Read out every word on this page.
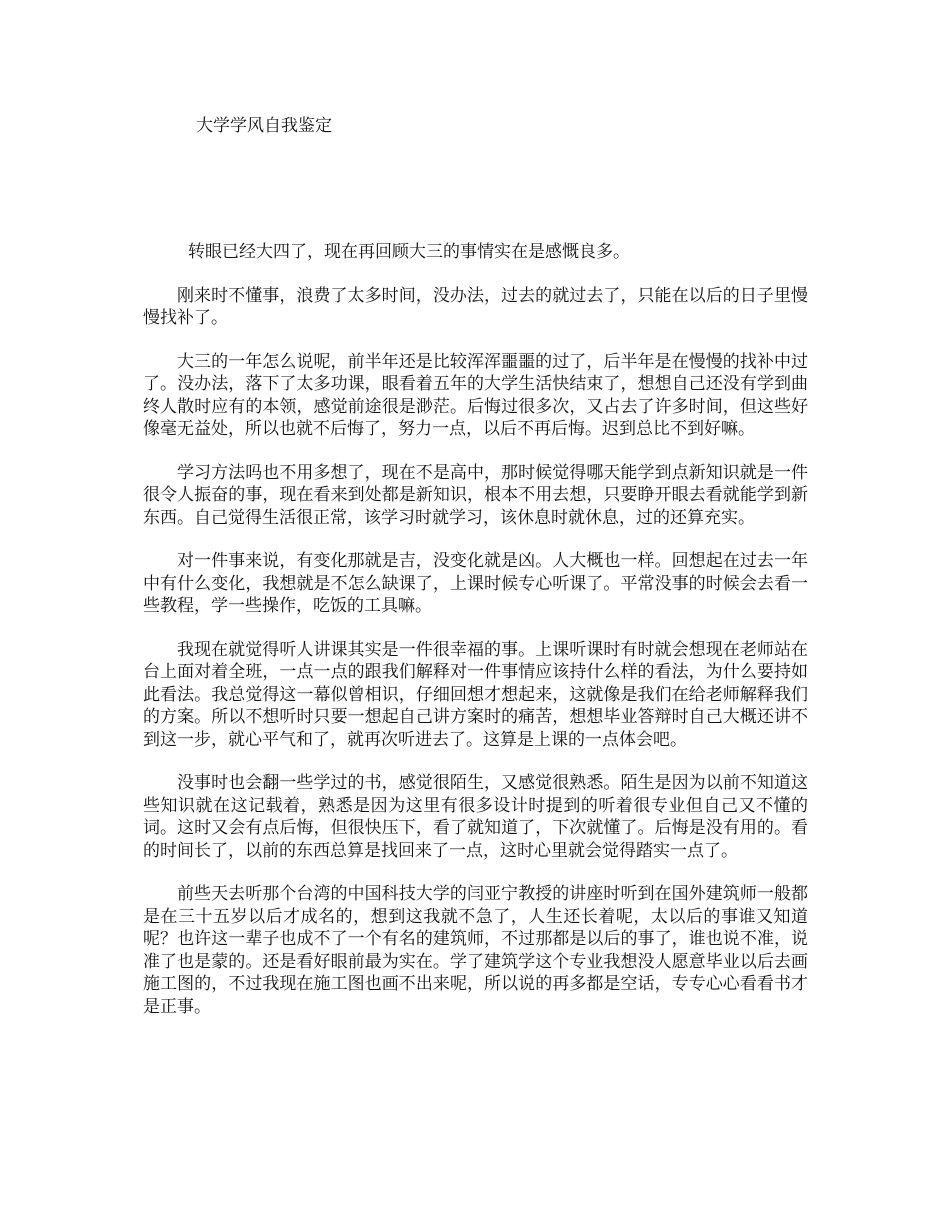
大学学风自我鉴定

转眼已经大四了，现在再回顾大三的事情实在是感慨良多。

刚来时不懂事，浪费了太多时间，没办法，过去的就过去了，只能在以后的日子里慢慢找补了。

大三的一年怎么说呢，前半年还是比较浑浑噩噩的过了，后半年是在慢慢的找补中过了。没办法，落下了太多功课，眼看着五年的大学生活快结束了，想想自己还没有学到曲终人散时应有的本领，感觉前途很是渺茫。后悔过很多次，又占去了许多时间，但这些好像毫无益处，所以也就不后悔了，努力一点，以后不再后悔。迟到总比不到好嘛。

学习方法吗也不用多想了，现在不是高中，那时候觉得哪天能学到点新知识就是一件很令人振奋的事，现在看来到处都是新知识，根本不用去想，只要睁开眼去看就能学到新东西。自己觉得生活很正常，该学习时就学习，该休息时就休息，过的还算充实。

对一件事来说，有变化那就是吉，没变化就是凶。人大概也一样。回想起在过去一年中有什么变化，我想就是不怎么缺课了，上课时候专心听课了。平常没事的时候会去看一些教程，学一些操作，吃饭的工具嘛。

我现在就觉得听人讲课其实是一件很幸福的事。上课听课时有时就会想现在老师站在台上面对着全班，一点一点的跟我们解释对一件事情应该持什么样的看法，为什么要持如此看法。我总觉得这一幕似曾相识，仔细回想才想起来，这就像是我们在给老师解释我们的方案。所以不想听时只要一想起自己讲方案时的痛苦，想想毕业答辩时自己大概还讲不到这一步，就心平气和了，就再次听进去了。这算是上课的一点体会吧。

没事时也会翻一些学过的书，感觉很陌生，又感觉很熟悉。陌生是因为以前不知道这些知识就在这记载着，熟悉是因为这里有很多设计时提到的听着很专业但自己又不懂的词。这时又会有点后悔，但很快压下，看了就知道了，下次就懂了。后悔是没有用的。看的时间长了，以前的东西总算是找回来了一点，这时心里就会觉得踏实一点了。

前些天去听那个台湾的中国科技大学的闫亚宁教授的讲座时听到在国外建筑师一般都是在三十五岁以后才成名的，想到这我就不急了，人生还长着呢，太以后的事谁又知道呢？也许这一辈子也成不了一个有名的建筑师，不过那都是以后的事了，谁也说不准，说准了也是蒙的。还是看好眼前最为实在。学了建筑学这个专业我想没人愿意毕业以后去画施工图的，不过我现在施工图也画不出来呢，所以说的再多都是空话，专专心心看看书才是正事。
